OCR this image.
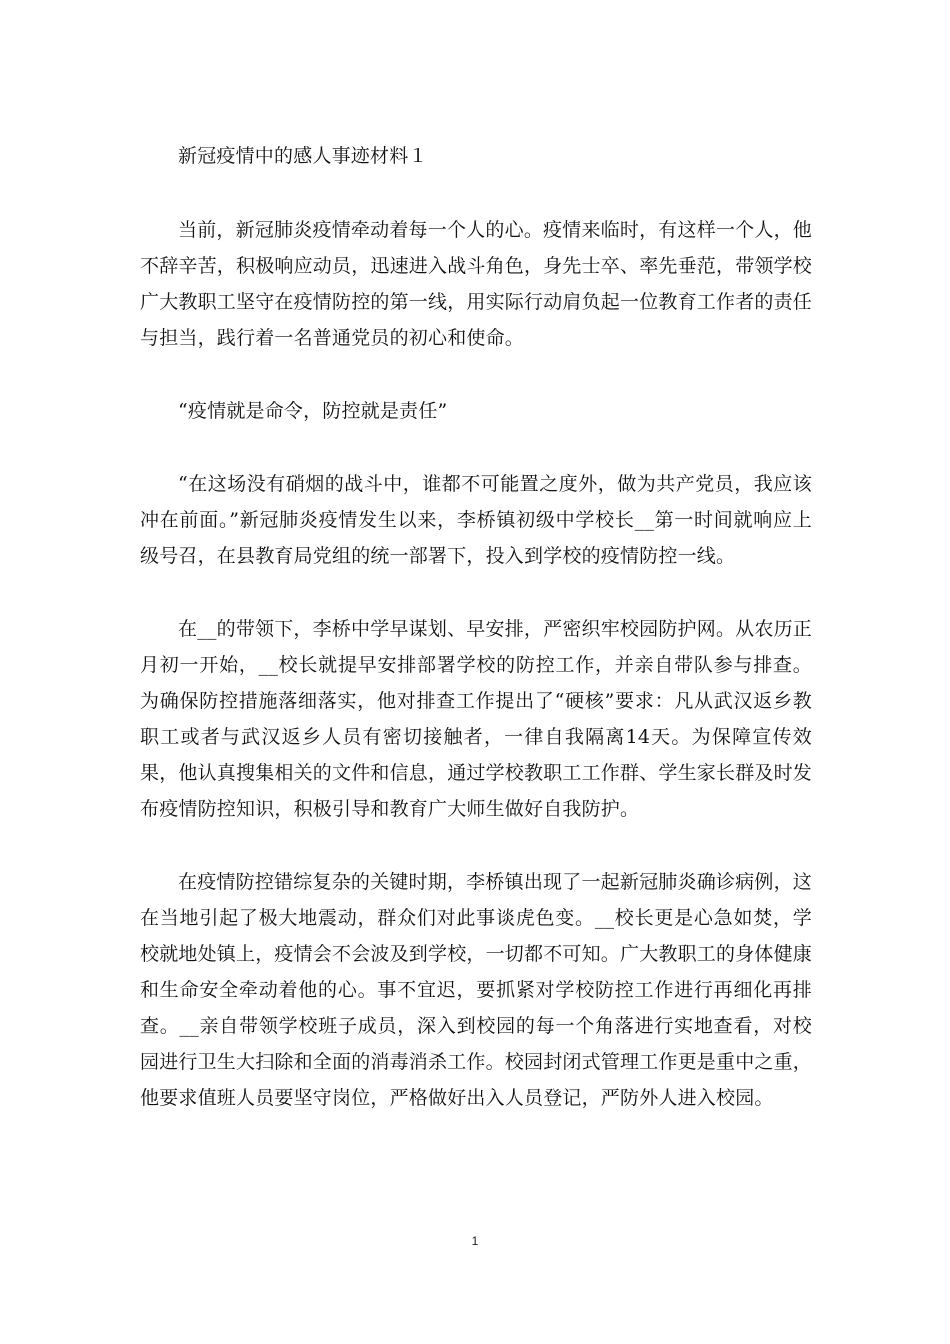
新冠疫情中的感人事迹材料１

当前，新冠肺炎疫情牵动着每一个人的心。疫情来临时，有这样一个人，他不辞辛苦，积极响应动员，迅速进入战斗角色，身先士卒、率先垂范，带领学校广大教职工坚守在疫情防控的第一线，用实际行动肩负起一位教育工作者的责任与担当，践行着一名普通党员的初心和使命。

“疫情就是命令，防控就是责任”

“在这场没有硝烟的战斗中，谁都不可能置之度外，做为共产党员，我应该冲在前面。”新冠肺炎疫情发生以来，李桥镇初级中学校长__第一时间就响应上级号召，在县教育局党组的统一部署下，投入到学校的疫情防控一线。

在__的带领下，李桥中学早谋划、早安排，严密织牢校园防护网。从农历正月初一开始，__校长就提早安排部署学校的防控工作，并亲自带队参与排查。为确保防控措施落细落实，他对排查工作提出了“硬核”要求：凡从武汉返乡教职工或者与武汉返乡人员有密切接触者，一律自我隔离14天。为保障宣传效果，他认真搜集相关的文件和信息，通过学校教职工工作群、学生家长群及时发布疫情防控知识，积极引导和教育广大师生做好自我防护。

在疫情防控错综复杂的关键时期，李桥镇出现了一起新冠肺炎确诊病例，这在当地引起了极大地震动，群众们对此事谈虎色变。__校长更是心急如焚，学校就地处镇上，疫情会不会波及到学校，一切都不可知。广大教职工的身体健康和生命安全牵动着他的心。事不宜迟，要抓紧对学校防控工作进行再细化再排查。__亲自带领学校班子成员，深入到校园的每一个角落进行实地查看，对校园进行卫生大扫除和全面的消毒消杀工作。校园封闭式管理工作更是重中之重，他要求值班人员要坚守岗位，严格做好出入人员登记，严防外人进入校园。

1
